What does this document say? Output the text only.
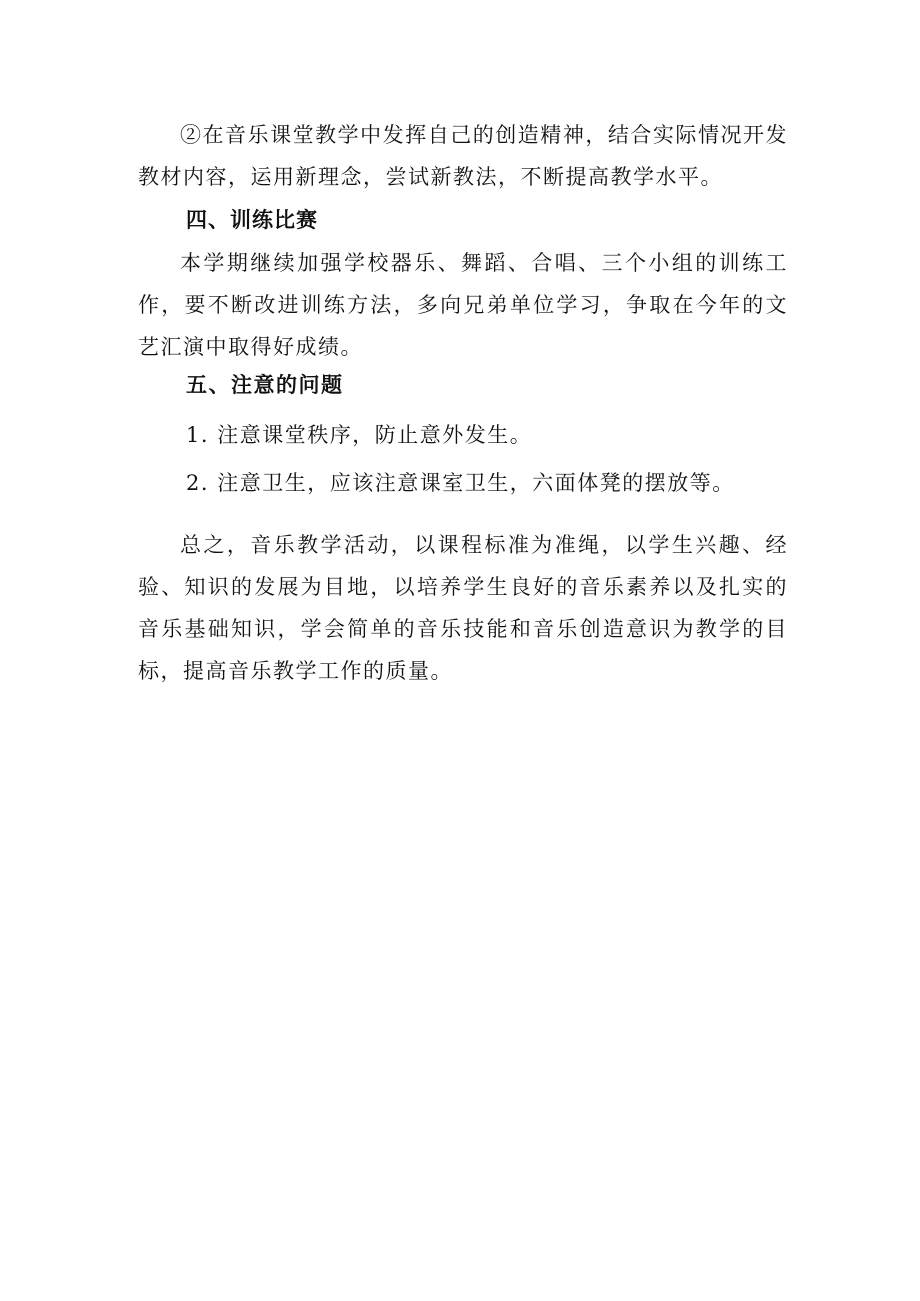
②在音乐课堂教学中发挥自己的创造精神，结合实际情况开发教材内容，运用新理念，尝试新教法，不断提高教学水平。

四、训练比赛

本学期继续加强学校器乐、舞蹈、合唱、三个小组的训练工作，要不断改进训练方法，多向兄弟单位学习，争取在今年的文艺汇演中取得好成绩。

五、注意的问题

1. 注意课堂秩序，防止意外发生。

2. 注意卫生，应该注意课室卫生，六面体凳的摆放等。

总之，音乐教学活动，以课程标准为准绳，以学生兴趣、经验、知识的发展为目地，以培养学生良好的音乐素养以及扎实的音乐基础知识，学会简单的音乐技能和音乐创造意识为教学的目标，提高音乐教学工作的质量。
